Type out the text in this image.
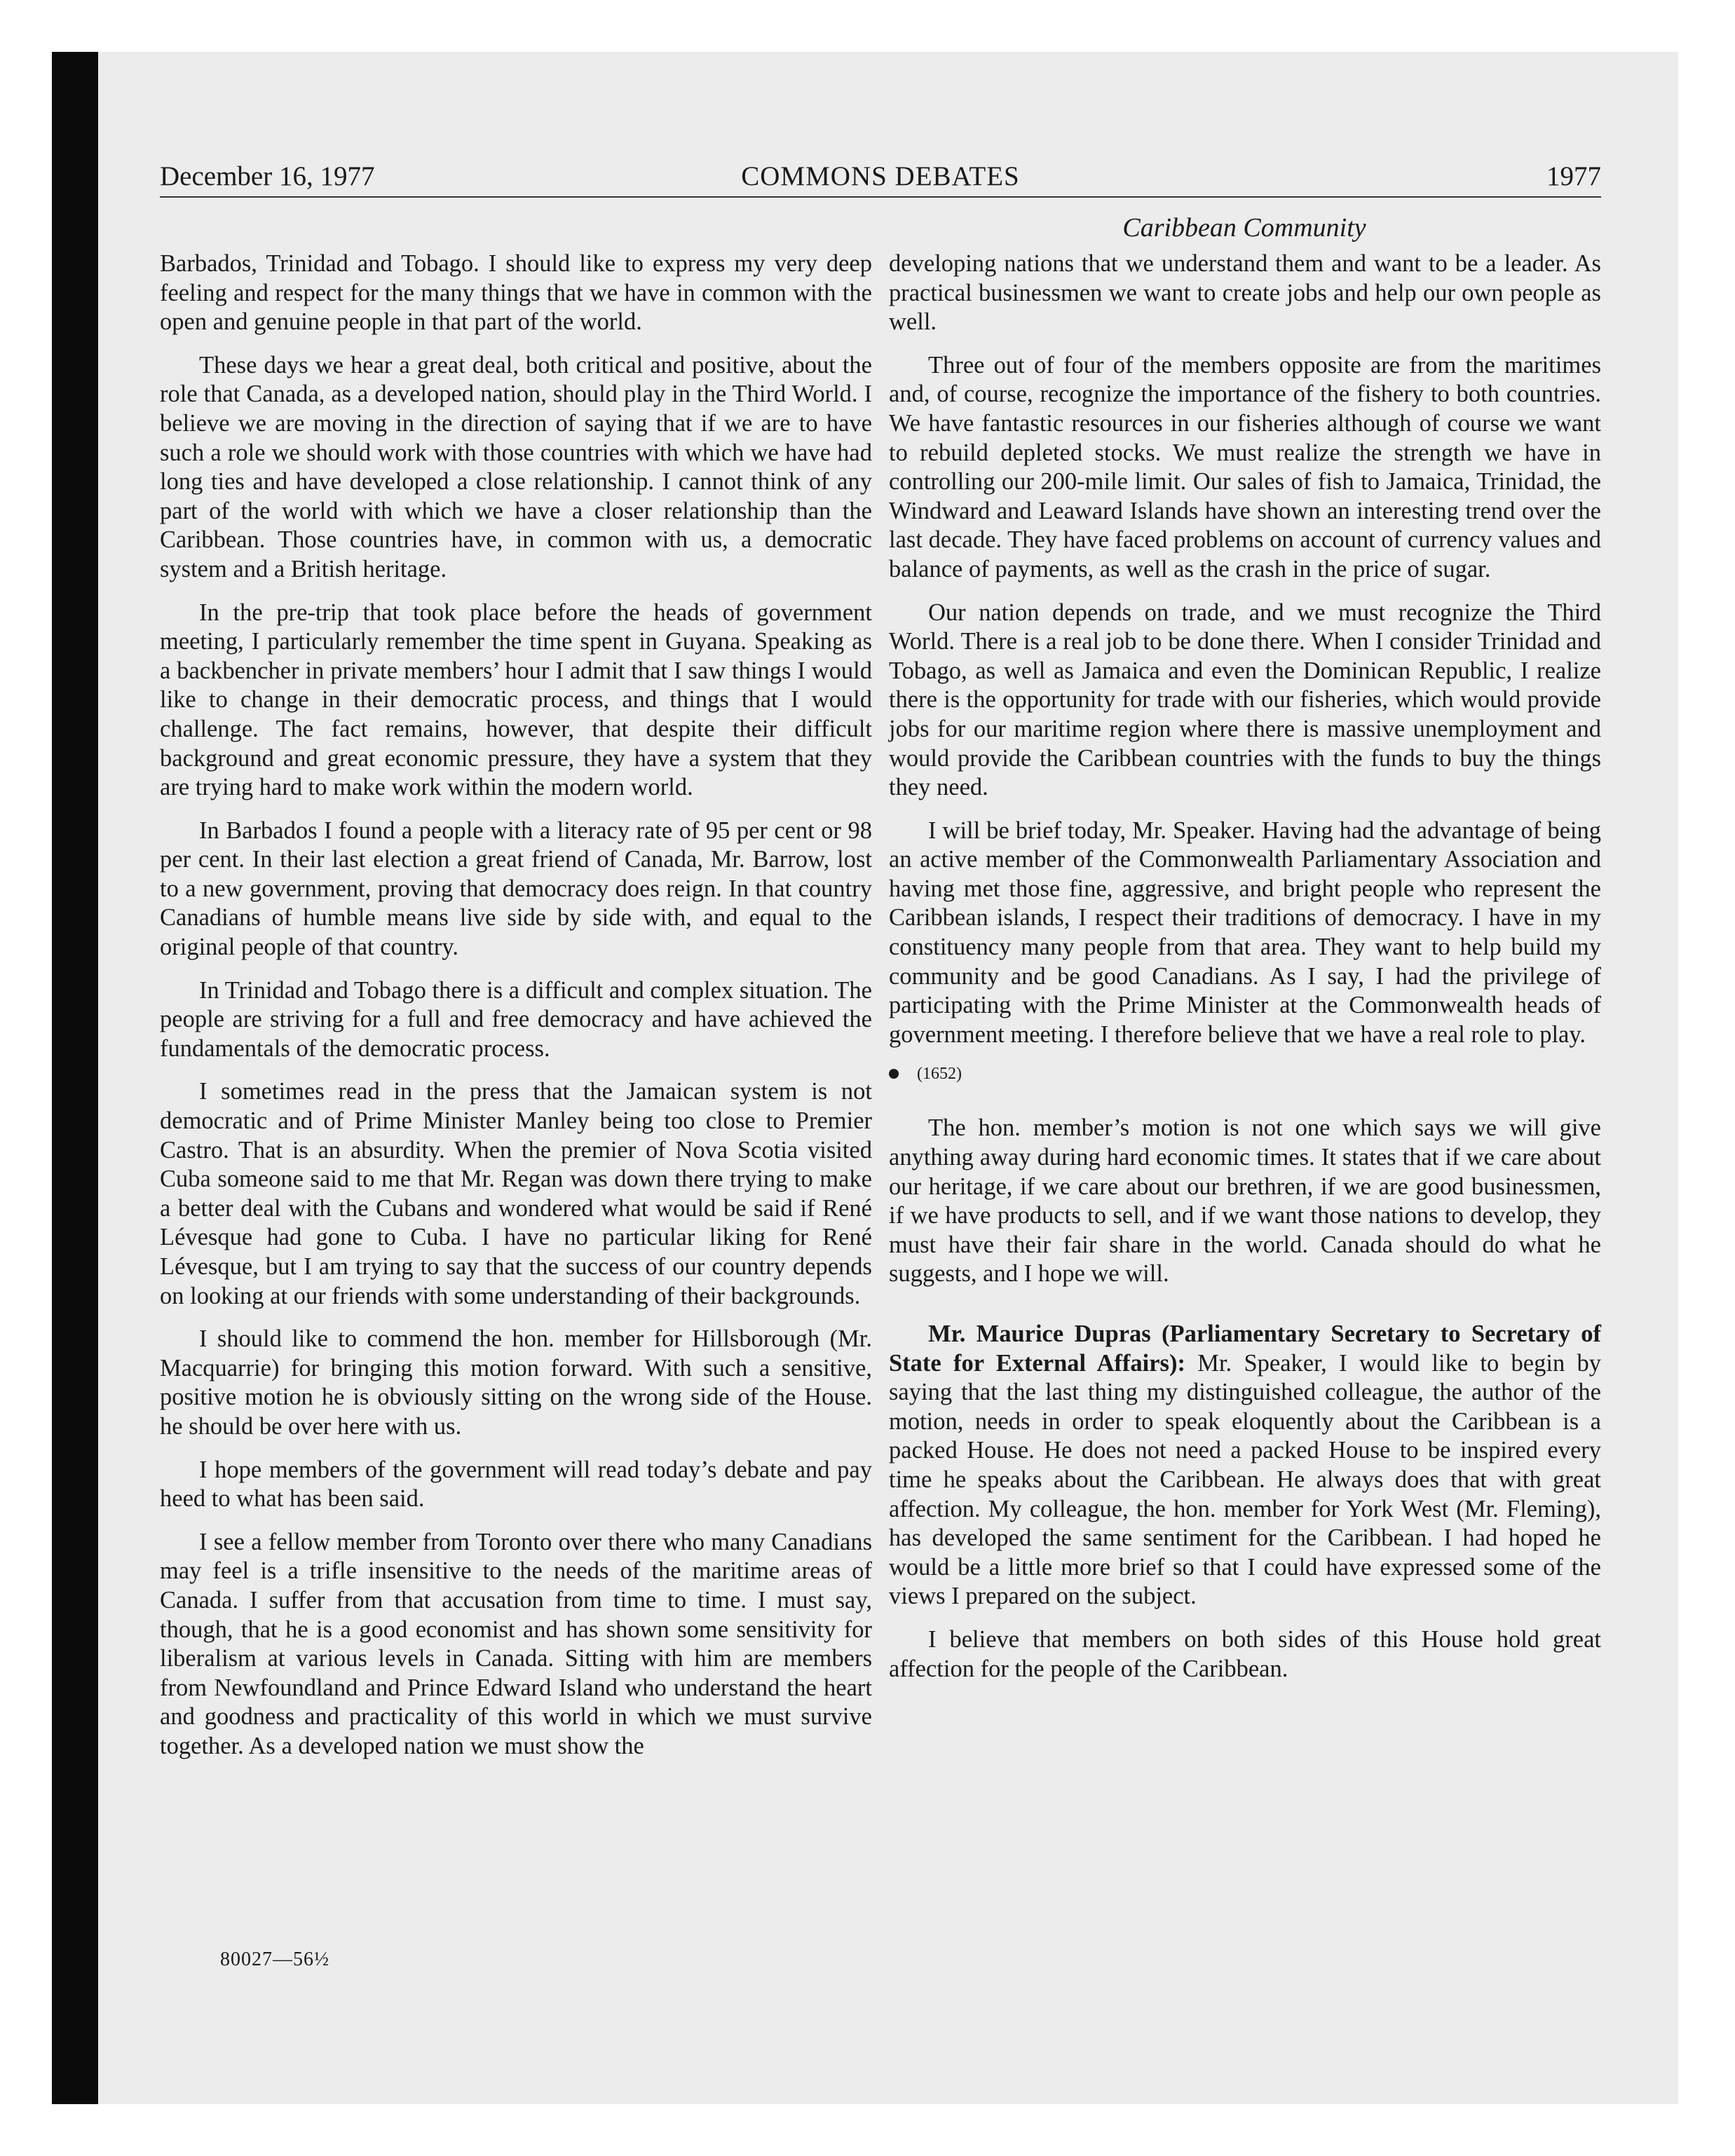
December 16, 1977	COMMONS DEBATES	1977
Caribbean Community

Barbados, Trinidad and Tobago. I should like to express my very deep feeling and respect for the many things that we have in common with the open and genuine people in that part of the world.

These days we hear a great deal, both critical and positive, about the role that Canada, as a developed nation, should play in the Third World. I believe we are moving in the direction of saying that if we are to have such a role we should work with those countries with which we have had long ties and have developed a close relationship. I cannot think of any part of the world with which we have a closer relationship than the Caribbean. Those countries have, in common with us, a democratic system and a British heritage.

In the pre-trip that took place before the heads of government meeting, I particularly remember the time spent in Guyana. Speaking as a backbencher in private members’ hour I admit that I saw things I would like to change in their democratic process, and things that I would challenge. The fact remains, however, that despite their difficult background and great economic pressure, they have a system that they are trying hard to make work within the modern world.

In Barbados I found a people with a literacy rate of 95 per cent or 98 per cent. In their last election a great friend of Canada, Mr. Barrow, lost to a new government, proving that democracy does reign. In that country Canadians of humble means live side by side with, and equal to the original people of that country.

In Trinidad and Tobago there is a difficult and complex situation. The people are striving for a full and free democracy and have achieved the fundamentals of the democratic process.

I sometimes read in the press that the Jamaican system is not democratic and of Prime Minister Manley being too close to Premier Castro. That is an absurdity. When the premier of Nova Scotia visited Cuba someone said to me that Mr. Regan was down there trying to make a better deal with the Cubans and wondered what would be said if René Lévesque had gone to Cuba. I have no particular liking for René Lévesque, but I am trying to say that the success of our country depends on looking at our friends with some understanding of their backgrounds.

I should like to commend the hon. member for Hillsborough (Mr. Macquarrie) for bringing this motion forward. With such a sensitive, positive motion he is obviously sitting on the wrong side of the House. he should be over here with us.

I hope members of the government will read today’s debate and pay heed to what has been said.

I see a fellow member from Toronto over there who many Canadians may feel is a trifle insensitive to the needs of the maritime areas of Canada. I suffer from that accusation from time to time. I must say, though, that he is a good economist and has shown some sensitivity for liberalism at various levels in Canada. Sitting with him are members from Newfoundland and Prince Edward Island who understand the heart and goodness and practicality of this world in which we must survive together. As a developed nation we must show the

developing nations that we understand them and want to be a leader. As practical businessmen we want to create jobs and help our own people as well.

Three out of four of the members opposite are from the maritimes and, of course, recognize the importance of the fishery to both countries. We have fantastic resources in our fisheries although of course we want to rebuild depleted stocks. We must realize the strength we have in controlling our 200-mile limit. Our sales of fish to Jamaica, Trinidad, the Windward and Leaward Islands have shown an interesting trend over the last decade. They have faced problems on account of currency values and balance of payments, as well as the crash in the price of sugar.

Our nation depends on trade, and we must recognize the Third World. There is a real job to be done there. When I consider Trinidad and Tobago, as well as Jamaica and even the Dominican Republic, I realize there is the opportunity for trade with our fisheries, which would provide jobs for our maritime region where there is massive unemployment and would provide the Caribbean countries with the funds to buy the things they need.

I will be brief today, Mr. Speaker. Having had the advantage of being an active member of the Commonwealth Parliamentary Association and having met those fine, aggressive, and bright people who represent the Caribbean islands, I respect their traditions of democracy. I have in my constituency many people from that area. They want to help build my community and be good Canadians. As I say, I had the privilege of participating with the Prime Minister at the Commonwealth heads of government meeting. I therefore believe that we have a real role to play.

(1652)

The hon. member’s motion is not one which says we will give anything away during hard economic times. It states that if we care about our heritage, if we care about our brethren, if we are good businessmen, if we have products to sell, and if we want those nations to develop, they must have their fair share in the world. Canada should do what he suggests, and I hope we will.

Mr. Maurice Dupras (Parliamentary Secretary to Secretary of State for External Affairs): Mr. Speaker, I would like to begin by saying that the last thing my distinguished colleague, the author of the motion, needs in order to speak eloquently about the Caribbean is a packed House. He does not need a packed House to be inspired every time he speaks about the Caribbean. He always does that with great affection. My colleague, the hon. member for York West (Mr. Fleming), has developed the same sentiment for the Caribbean. I had hoped he would be a little more brief so that I could have expressed some of the views I prepared on the subject.

I believe that members on both sides of this House hold great affection for the people of the Caribbean.

80027—56½
